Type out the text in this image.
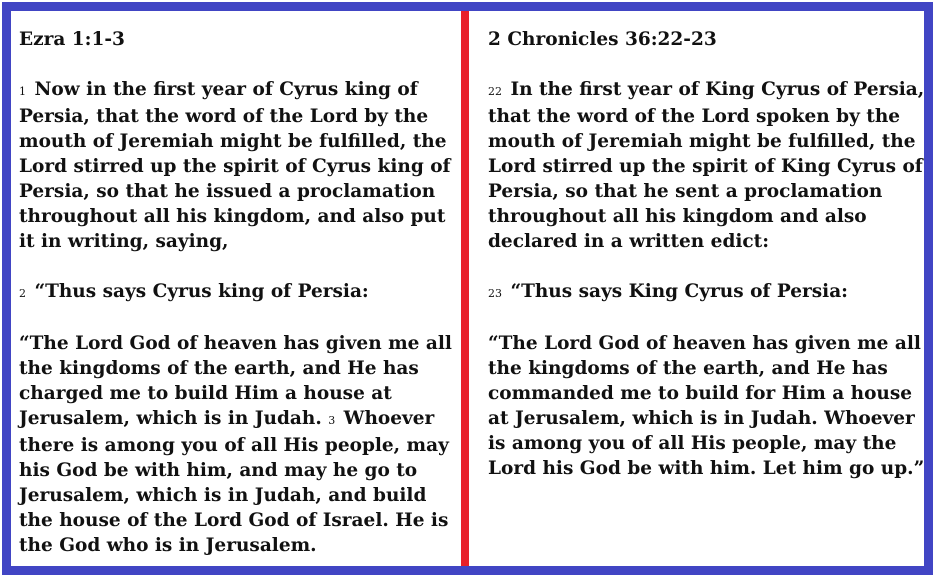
Ezra 1:1-3
1 Now in the first year of Cyrus king of Persia, that the word of the Lord by the mouth of Jeremiah might be fulfilled, the Lord stirred up the spirit of Cyrus king of Persia, so that he issued a proclamation throughout all his kingdom, and also put it in writing, saying,
2 “Thus says Cyrus king of Persia:
“The Lord God of heaven has given me all the kingdoms of the earth, and He has charged me to build Him a house at Jerusalem, which is in Judah. 3 Whoever there is among you of all His people, may his God be with him, and may he go to Jerusalem, which is in Judah, and build the house of the Lord God of Israel. He is the God who is in Jerusalem.
2 Chronicles 36:22-23
22 In the first year of King Cyrus of Persia, that the word of the Lord spoken by the mouth of Jeremiah might be fulfilled, the Lord stirred up the spirit of King Cyrus of Persia, so that he sent a proclamation throughout all his kingdom and also declared in a written edict:
23 “Thus says King Cyrus of Persia:
“The Lord God of heaven has given me all the kingdoms of the earth, and He has commanded me to build for Him a house at Jerusalem, which is in Judah. Whoever is among you of all His people, may the Lord his God be with him. Let him go up.”
